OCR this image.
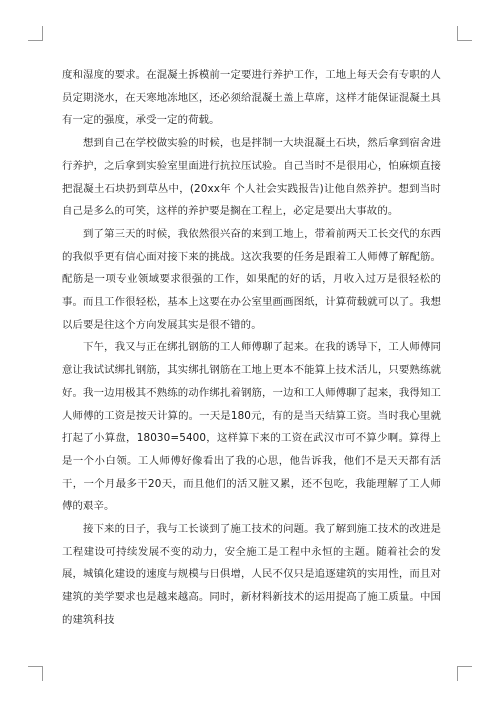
度和湿度的要求。在混凝土拆模前一定要进行养护工作，工地上每天会有专职的人员定期浇水，在天寒地冻地区，还必须给混凝土盖上草席，这样才能保证混凝土具有一定的强度，承受一定的荷载。

想到自己在学校做实验的时候，也是拌制一大块混凝土石块，然后拿到宿舍进行养护，之后拿到实验室里面进行抗拉压试验。自己当时不是很用心，怕麻烦直接把混凝土石块扔到草丛中，(20xx年 个人社会实践报告)让他自然养护。想到当时自己是多么的可笑，这样的养护要是搁在工程上，必定是要出大事故的。

到了第三天的时候，我依然很兴奋的来到工地上，带着前两天工长交代的东西的我似乎更有信心面对接下来的挑战。这次我要的任务是跟着工人师傅了解配筋。配筋是一项专业领域要求很强的工作，如果配的好的话，月收入过万是很轻松的事。而且工作很轻松，基本上这要在办公室里画画图纸，计算荷载就可以了。我想以后要是往这个方向发展其实是很不错的。

下午，我又与正在绑扎钢筋的工人师傅聊了起来。在我的诱导下，工人师傅同意让我试试绑扎钢筋，其实绑扎钢筋在工地上更本不能算上技术活儿，只要熟练就好。我一边用极其不熟练的动作绑扎着钢筋，一边和工人师傅聊了起来，我得知工人师傅的工资是按天计算的。一天是180元，有的是当天结算工资。当时我心里就打起了小算盘，18030=5400，这样算下来的工资在武汉市可不算少啊。算得上是一个小白领。工人师傅好像看出了我的心思，他告诉我，他们不是天天都有活干，一个月最多干20天，而且他们的活又脏又累，还不包吃，我能理解了工人师傅的艰辛。

接下来的日子，我与工长谈到了施工技术的问题。我了解到施工技术的改进是工程建设可持续发展不变的动力，安全施工是工程中永恒的主题。随着社会的发展，城镇化建设的速度与规模与日俱增，人民不仅只是追逐建筑的实用性，而且对建筑的美学要求也是越来越高。同时，新材料新技术的运用提高了施工质量。中国的建筑科技
